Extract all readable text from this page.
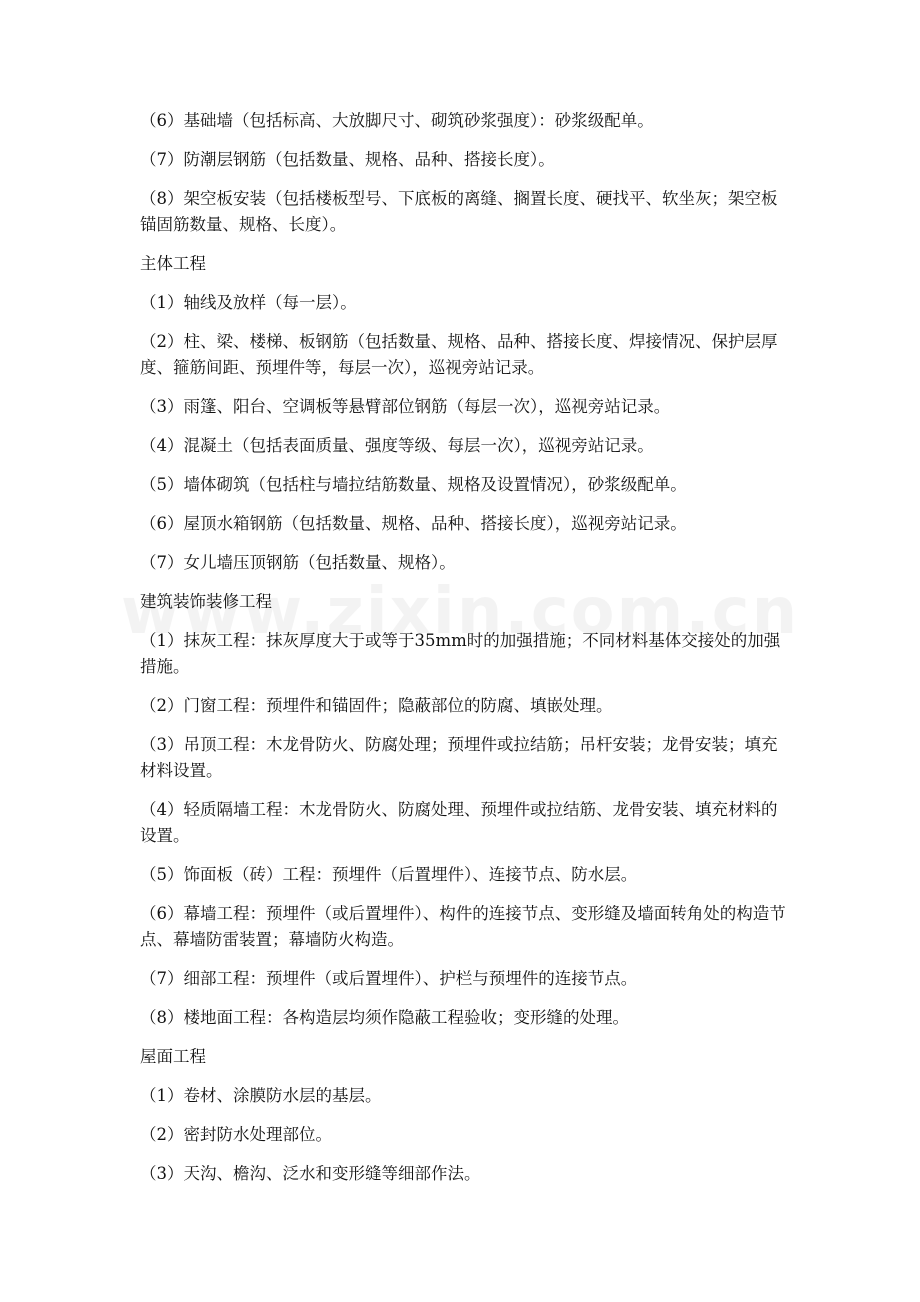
（6）基础墙（包括标高、大放脚尺寸、砌筑砂浆强度）：砂浆级配单。

（7）防潮层钢筋（包括数量、规格、品种、搭接长度）。

（8）架空板安装（包括楼板型号、下底板的离缝、搁置长度、硬找平、软坐灰；架空板锚固筋数量、规格、长度）。

主体工程

（1）轴线及放样（每一层）。

（2）柱、梁、楼梯、板钢筋（包括数量、规格、品种、搭接长度、焊接情况、保护层厚度、箍筋间距、预埋件等，每层一次），巡视旁站记录。

（3）雨篷、阳台、空调板等悬臂部位钢筋（每层一次），巡视旁站记录。

（4）混凝土（包括表面质量、强度等级、每层一次），巡视旁站记录。

（5）墙体砌筑（包括柱与墙拉结筋数量、规格及设置情况），砂浆级配单。

（6）屋顶水箱钢筋（包括数量、规格、品种、搭接长度），巡视旁站记录。

（7）女儿墙压顶钢筋（包括数量、规格）。

建筑装饰装修工程

（1）抹灰工程：抹灰厚度大于或等于35mm时的加强措施；不同材料基体交接处的加强措施。

（2）门窗工程：预埋件和锚固件；隐蔽部位的防腐、填嵌处理。

（3）吊顶工程：木龙骨防火、防腐处理；预埋件或拉结筋；吊杆安装；龙骨安装；填充材料设置。

（4）轻质隔墙工程：木龙骨防火、防腐处理、预埋件或拉结筋、龙骨安装、填充材料的设置。

（5）饰面板（砖）工程：预埋件（后置埋件）、连接节点、防水层。

（6）幕墙工程：预埋件（或后置埋件）、构件的连接节点、变形缝及墙面转角处的构造节点、幕墙防雷装置；幕墙防火构造。

（7）细部工程：预埋件（或后置埋件）、护栏与预埋件的连接节点。

（8）楼地面工程：各构造层均须作隐蔽工程验收；变形缝的处理。

屋面工程

（1）卷材、涂膜防水层的基层。

（2）密封防水处理部位。

（3）天沟、檐沟、泛水和变形缝等细部作法。
